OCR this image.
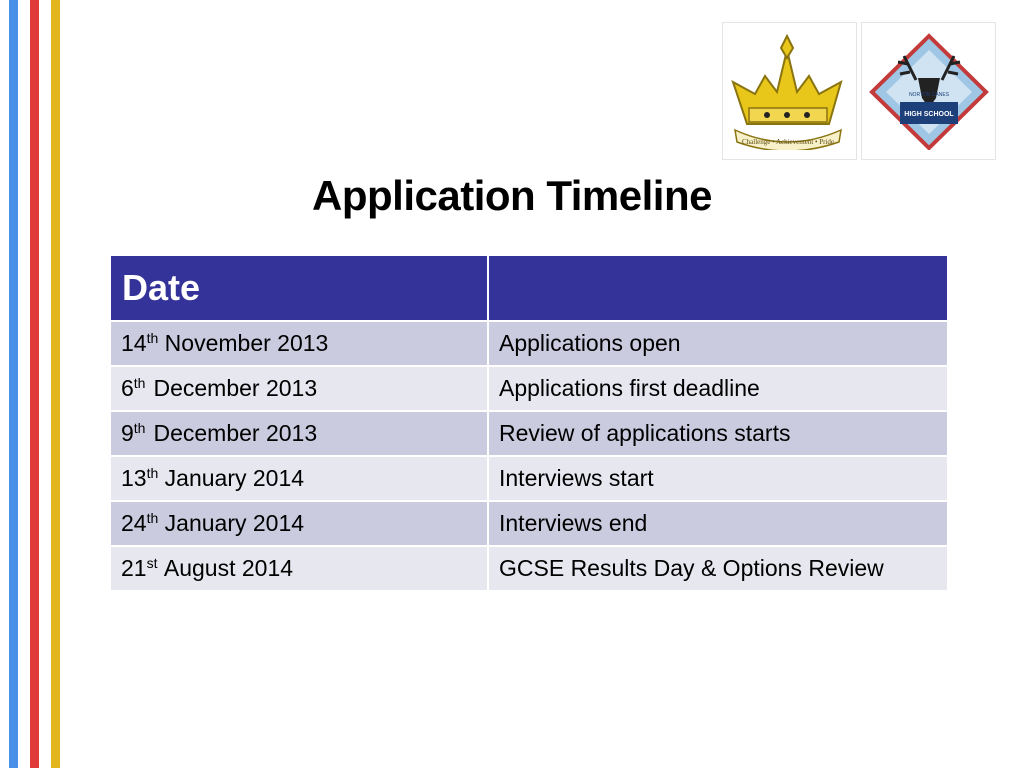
Challenge • Achievement • Pride
NORTON CANES
HIGH SCHOOL
Application Timeline
Date	
14th November 2013	Applications open
6th December 2013	Applications first deadline
9th December 2013	Review of applications starts
13th January 2014	Interviews start
24th January 2014	Interviews end
21st August 2014	GCSE Results Day & Options Review
